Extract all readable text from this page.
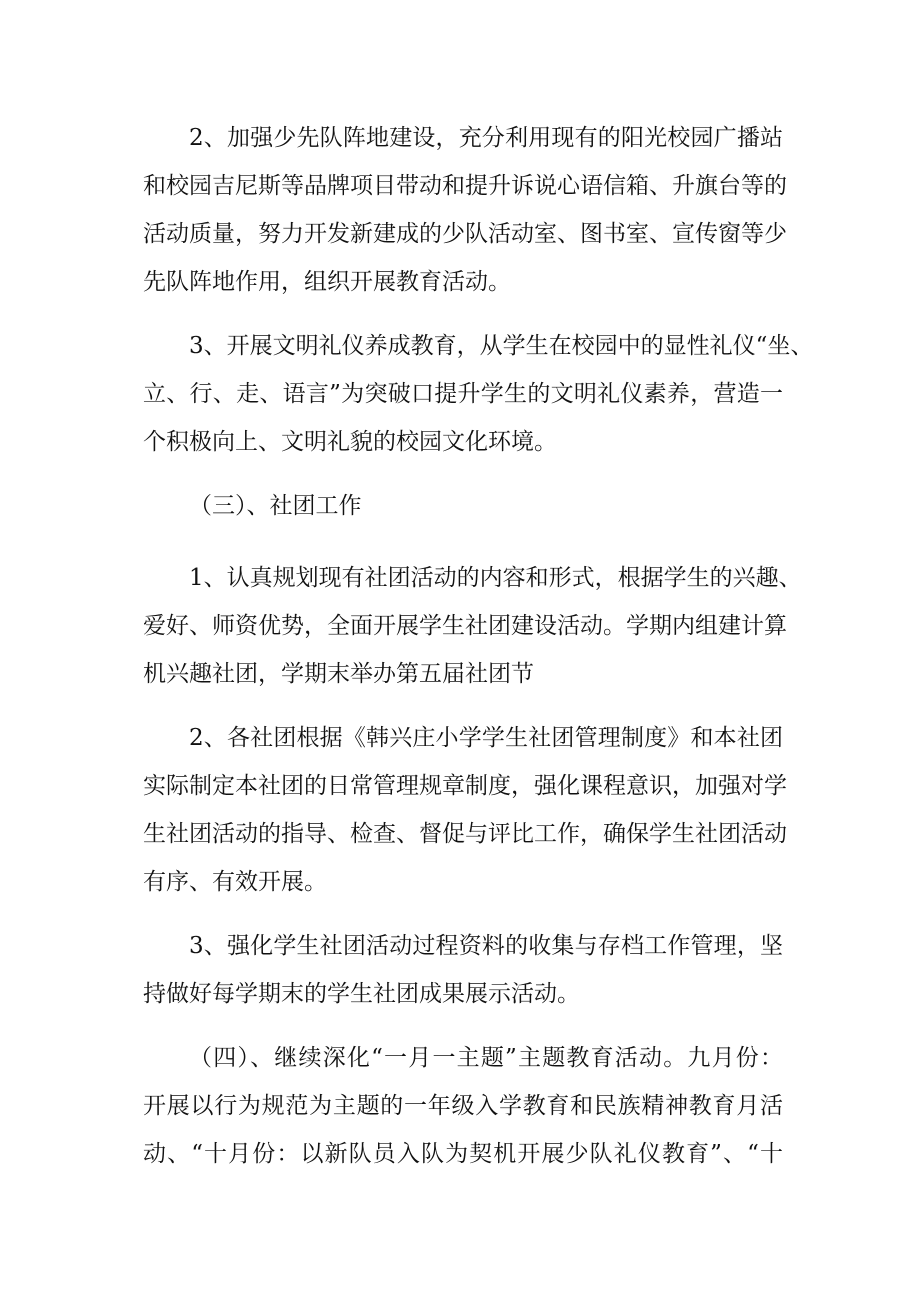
2、加强少先队阵地建设，充分利用现有的阳光校园广播站
和校园吉尼斯等品牌项目带动和提升诉说心语信箱、升旗台等的
活动质量，努力开发新建成的少队活动室、图书室、宣传窗等少
先队阵地作用，组织开展教育活动。

3、开展文明礼仪养成教育，从学生在校园中的显性礼仪“坐、
立、行、走、语言”为突破口提升学生的文明礼仪素养，营造一
个积极向上、文明礼貌的校园文化环境。

（三）、社团工作

1、认真规划现有社团活动的内容和形式，根据学生的兴趣、
爱好、师资优势，全面开展学生社团建设活动。学期内组建计算
机兴趣社团，学期末举办第五届社团节

2、各社团根据《韩兴庄小学学生社团管理制度》和本社团
实际制定本社团的日常管理规章制度，强化课程意识，加强对学
生社团活动的指导、检查、督促与评比工作，确保学生社团活动
有序、有效开展。

3、强化学生社团活动过程资料的收集与存档工作管理，坚
持做好每学期末的学生社团成果展示活动。

（四）、继续深化“一月一主题”主题教育活动。九月份：
开展以行为规范为主题的一年级入学教育和民族精神教育月活
动、“十月份：以新队员入队为契机开展少队礼仪教育”、“十
